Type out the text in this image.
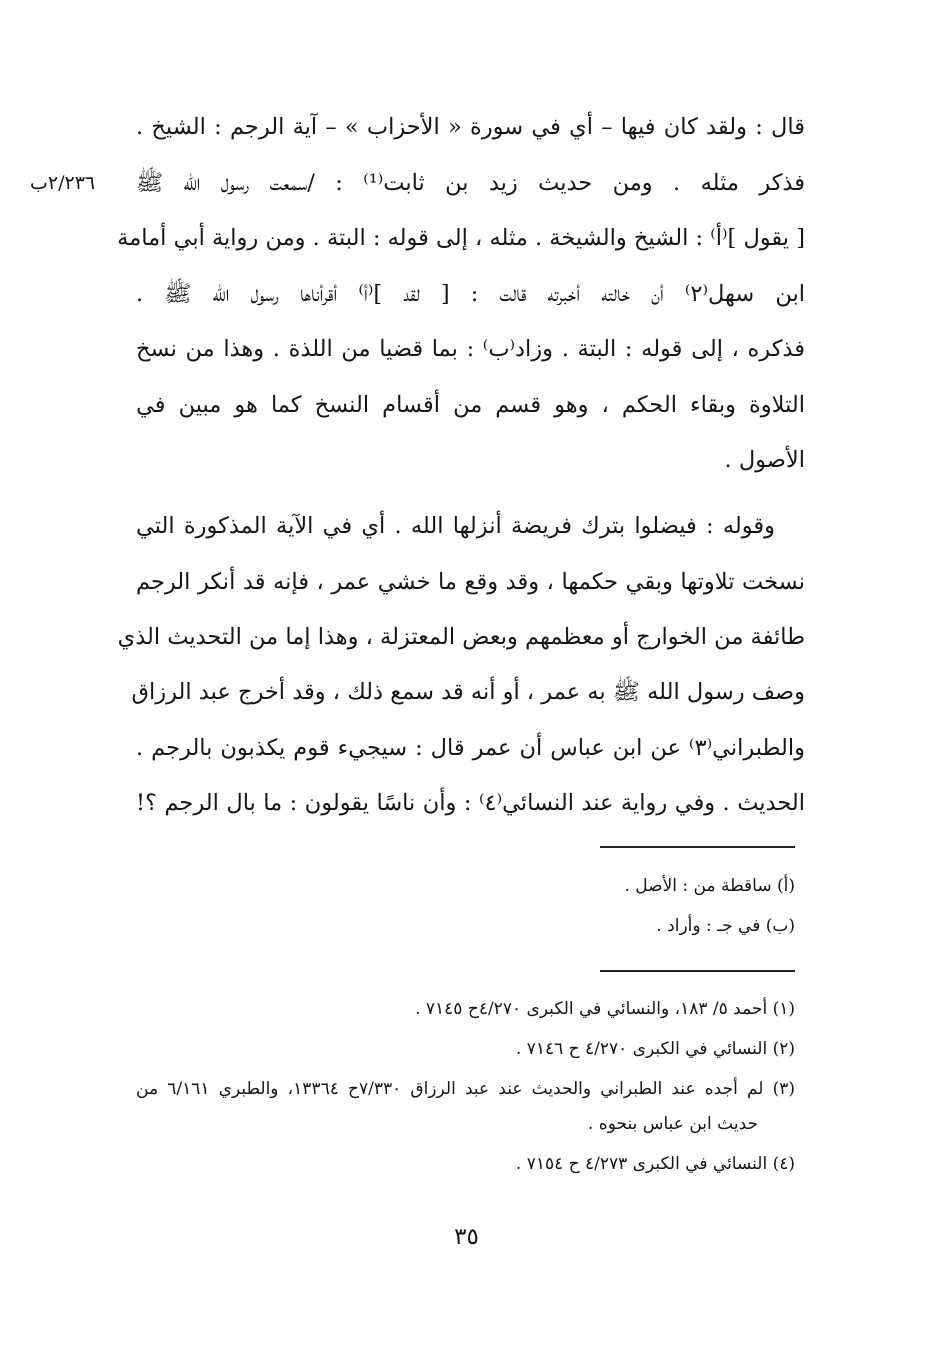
قال : ولقد كان فيها – أي في سورة « الأحزاب » – آية الرجم : الشيخ .
فذكر مثله . ومن حديث زيد بن ثابت⁽¹⁾ : /سمعت رسول الله ﷺ
[ يقول ]⁽أ⁾ : الشيخ والشيخة . مثله ، إلى قوله : البتة . ومن رواية أبي أمامة
ابن سهل⁽٢⁾ أن خالته أخبرته قالت : [ لقد ]⁽أ⁾ أقرأناها رسول الله ﷺ .
فذكره ، إلى قوله : البتة . وزاد⁽ب⁾ : بما قضيا من اللذة . وهذا من نسخ
التلاوة وبقاء الحكم ، وهو قسم من أقسام النسخ كما هو مبين في
الأصول .
وقوله : فيضلوا بترك فريضة أنزلها الله . أي في الآية المذكورة التي
نسخت تلاوتها وبقي حكمها ، وقد وقع ما خشي عمر ، فإنه قد أنكر الرجم
طائفة من الخوارج أو معظمهم وبعض المعتزلة ، وهذا إما من التحديث الذي
وصف رسول الله ﷺ به عمر ، أو أنه قد سمع ذلك ، وقد أخرج عبد الرزاق
والطبراني⁽٣⁾ عن ابن عباس أن عمر قال : سيجيء قوم يكذبون بالرجم .
الحديث . وفي رواية عند النسائي⁽٤⁾ : وأن ناسًا يقولون : ما بال الرجم ؟!
٢/٢٣٦ب
(أ) ساقطة من : الأصل .
(ب) في جـ : وأراد .
(١) أحمد ٥/ ١٨٣، والنسائي في الكبرى ٤/٢٧٠ح ٧١٤٥ .
(٢) النسائي في الكبرى ٤/٢٧٠ ح ٧١٤٦ .
(٣) لم أجده عند الطبراني والحديث عند عبد الرزاق ٧/٣٣٠ح ١٣٣٦٤، والطبري ٦/١٦١ من
حديث ابن عباس بنحوه .
(٤) النسائي في الكبرى ٤/٢٧٣ ح ٧١٥٤ .
٣٥
